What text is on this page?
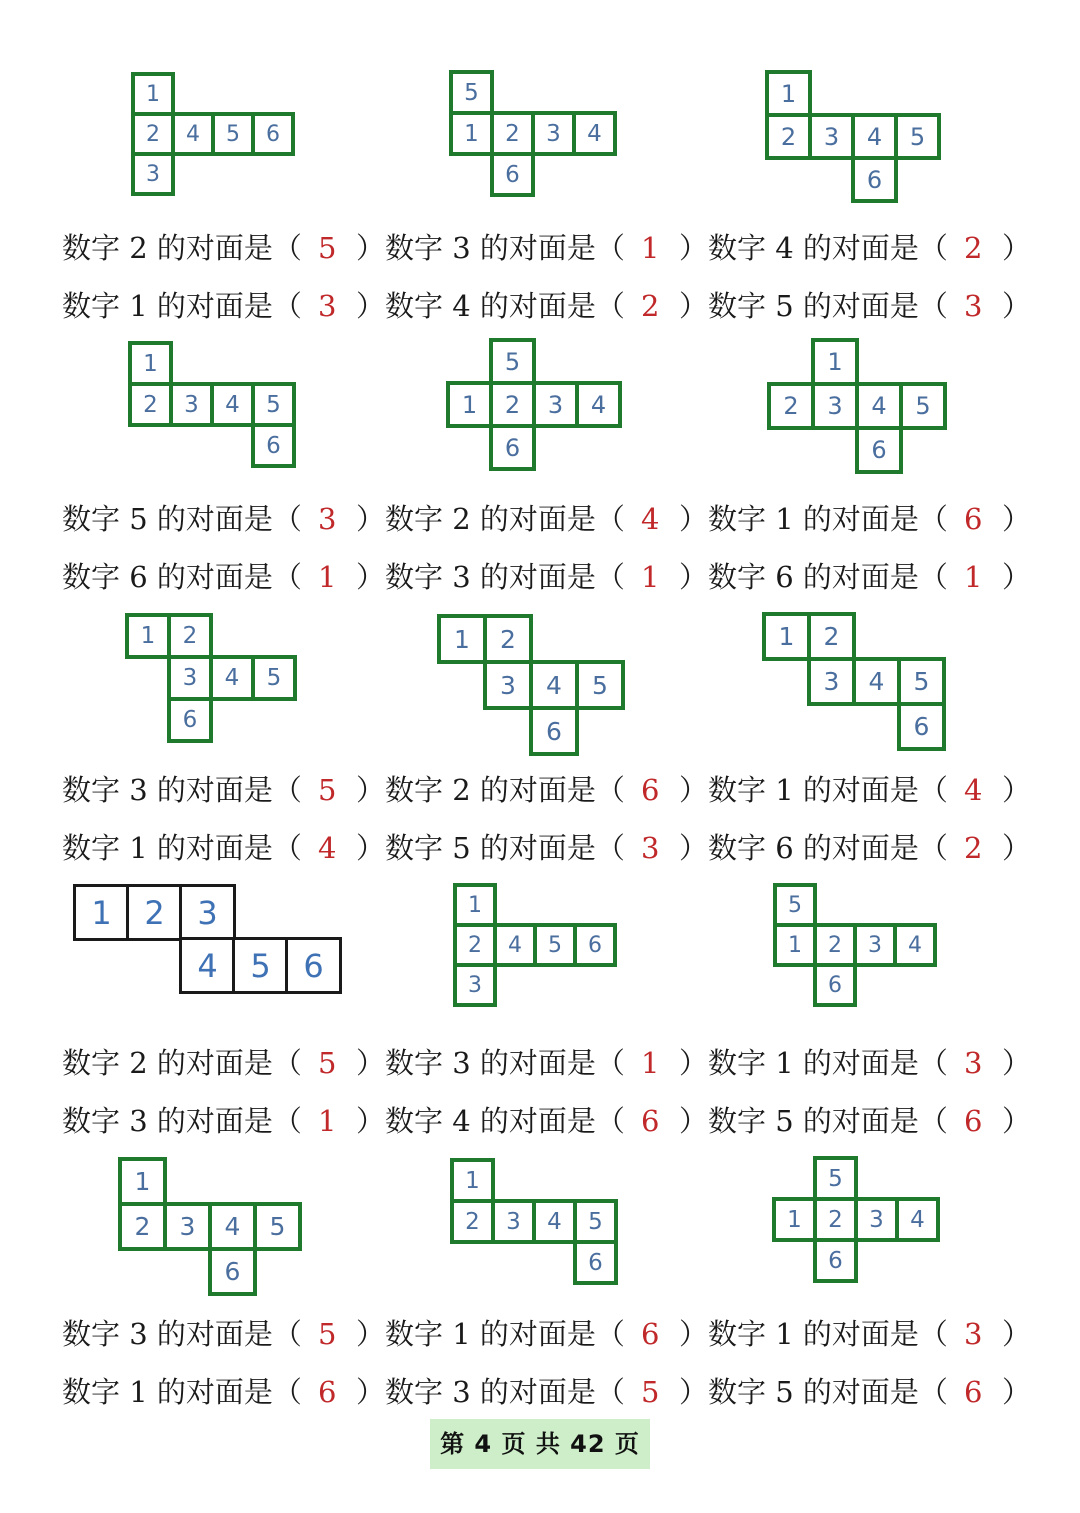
1
2	4	5	6
3
5
1	2	3	4
6
1
2	3	4	5
6
1
2	3	4	5
6
5
1	2	3	4
6
1
2	3	4	5
6
1	2
3	4	5
6
1	2
3	4	5
6
1	2
3	4	5
6
1	2	3
4	5	6
1
2	4	5	6
3
5
1	2	3	4
6
1
2	3	4	5
6
1
2	3	4	5
6
5
1	2	3	4
6
数字 2 的对面是（ 5 ） 数字 3 的对面是（ 1 ） 数字 4 的对面是（ 2 ）
数字 1 的对面是（ 3 ） 数字 4 的对面是（ 2 ） 数字 5 的对面是（ 3 ）
数字 5 的对面是（ 3 ） 数字 2 的对面是（ 4 ） 数字 1 的对面是（ 6 ）
数字 6 的对面是（ 1 ） 数字 3 的对面是（ 1 ） 数字 6 的对面是（ 1 ）
数字 3 的对面是（ 5 ） 数字 2 的对面是（ 6 ） 数字 1 的对面是（ 4 ）
数字 1 的对面是（ 4 ） 数字 5 的对面是（ 3 ） 数字 6 的对面是（ 2 ）
数字 2 的对面是（ 5 ） 数字 3 的对面是（ 1 ） 数字 1 的对面是（ 3 ）
数字 3 的对面是（ 1 ） 数字 4 的对面是（ 6 ） 数字 5 的对面是（ 6 ）
数字 3 的对面是（ 5 ） 数字 1 的对面是（ 6 ） 数字 1 的对面是（ 3 ）
数字 1 的对面是（ 6 ） 数字 3 的对面是（ 5 ） 数字 5 的对面是（ 6 ）
第 4 页 共 42 页
